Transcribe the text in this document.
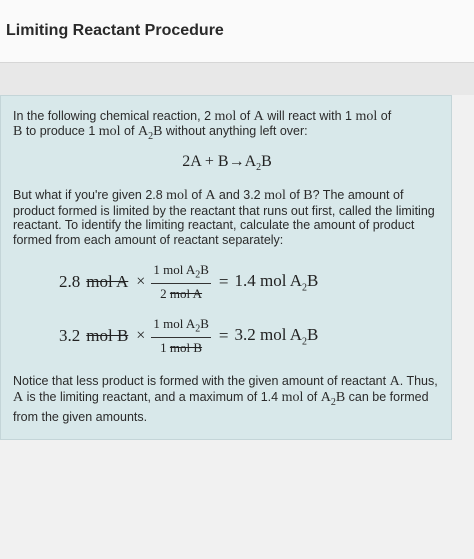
Limiting Reactant Procedure
In the following chemical reaction, 2 mol of A will react with 1 mol of
B to produce 1 mol of $A_2B$ without anything left over:
$2A + B\to A_2B$
But what if you're given 2.8 mol of A and 3.2 mol of B? The amount of product formed is limited by the reactant that runs out first, called the limiting reactant. To identify the limiting reactant, calculate the amount of product formed from each amount of reactant separately:
2.8 mol $A \times \frac{1 mol A_2B}{\text{2 mol A}} = 1.4$ mol $A_2B$
3.2 mol $B \times \frac{1 mol A_2B}{\text{1 mol B}} = 3.2$ mol $A_2B$
Notice that less product is formed with the given amount of reactant A. Thus, A is the limiting reactant, and a maximum of 1.4 mol of $A_2B$ can be formed from the given amounts.
